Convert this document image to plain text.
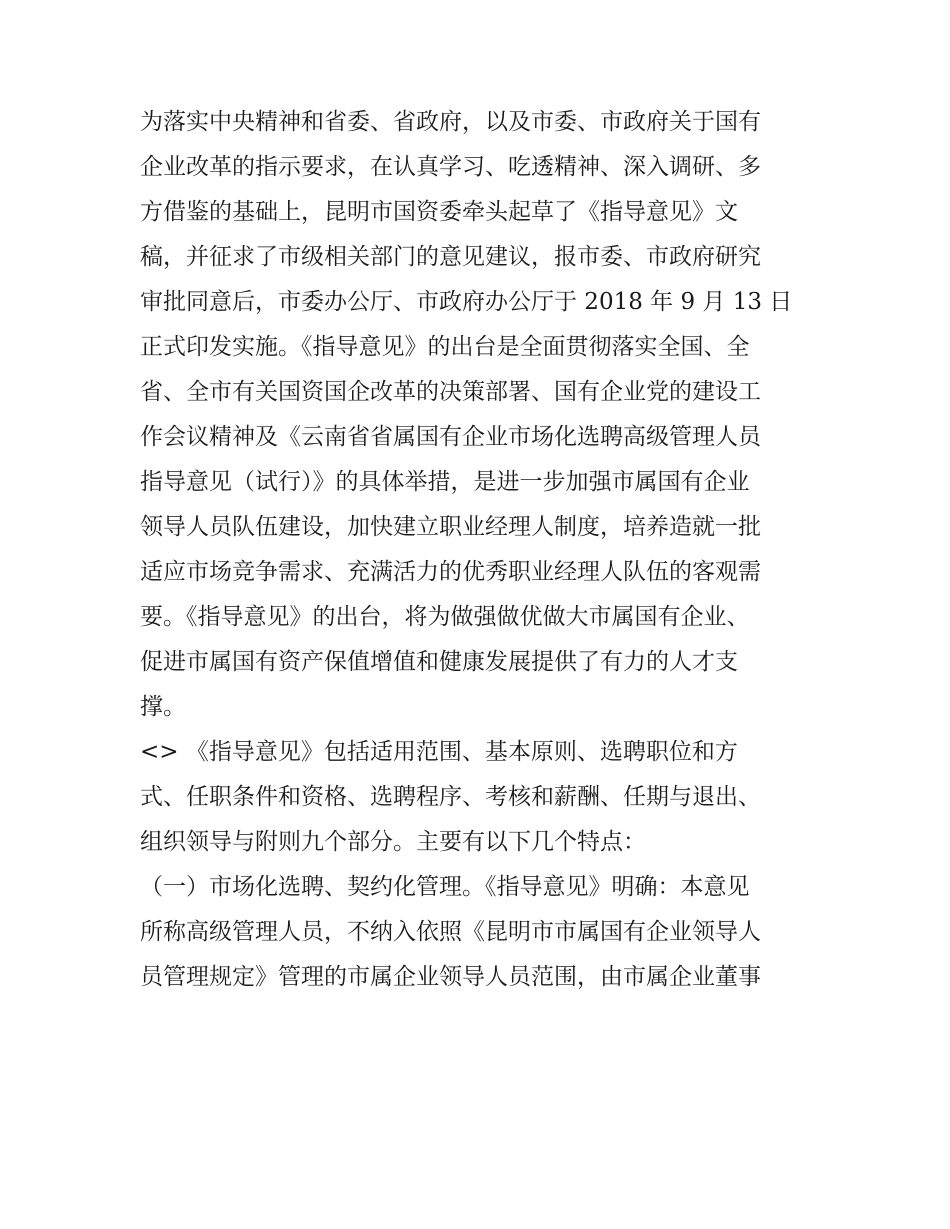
为落实中央精神和省委、省政府，以及市委、市政府关于国有
企业改革的指示要求，在认真学习、吃透精神、深入调研、多
方借鉴的基础上，昆明市国资委牵头起草了《指导意见》文
稿，并征求了市级相关部门的意见建议，报市委、市政府研究
审批同意后，市委办公厅、市政府办公厅于 2018 年 9 月 13 日
正式印发实施。《指导意见》的出台是全面贯彻落实全国、全
省、全市有关国资国企改革的决策部署、国有企业党的建设工
作会议精神及《云南省省属国有企业市场化选聘高级管理人员
指导意见（试行）》的具体举措，是进一步加强市属国有企业
领导人员队伍建设，加快建立职业经理人制度，培养造就一批
适应市场竞争需求、充满活力的优秀职业经理人队伍的客观需
要。《指导意见》的出台，将为做强做优做大市属国有企业、
促进市属国有资产保值增值和健康发展提供了有力的人才支
撑。
<> 《指导意见》包括适用范围、基本原则、选聘职位和方
式、任职条件和资格、选聘程序、考核和薪酬、任期与退出、
组织领导与附则九个部分。主要有以下几个特点：
（一）市场化选聘、契约化管理。《指导意见》明确：本意见
所称高级管理人员，不纳入依照《昆明市市属国有企业领导人
员管理规定》管理的市属企业领导人员范围，由市属企业董事
